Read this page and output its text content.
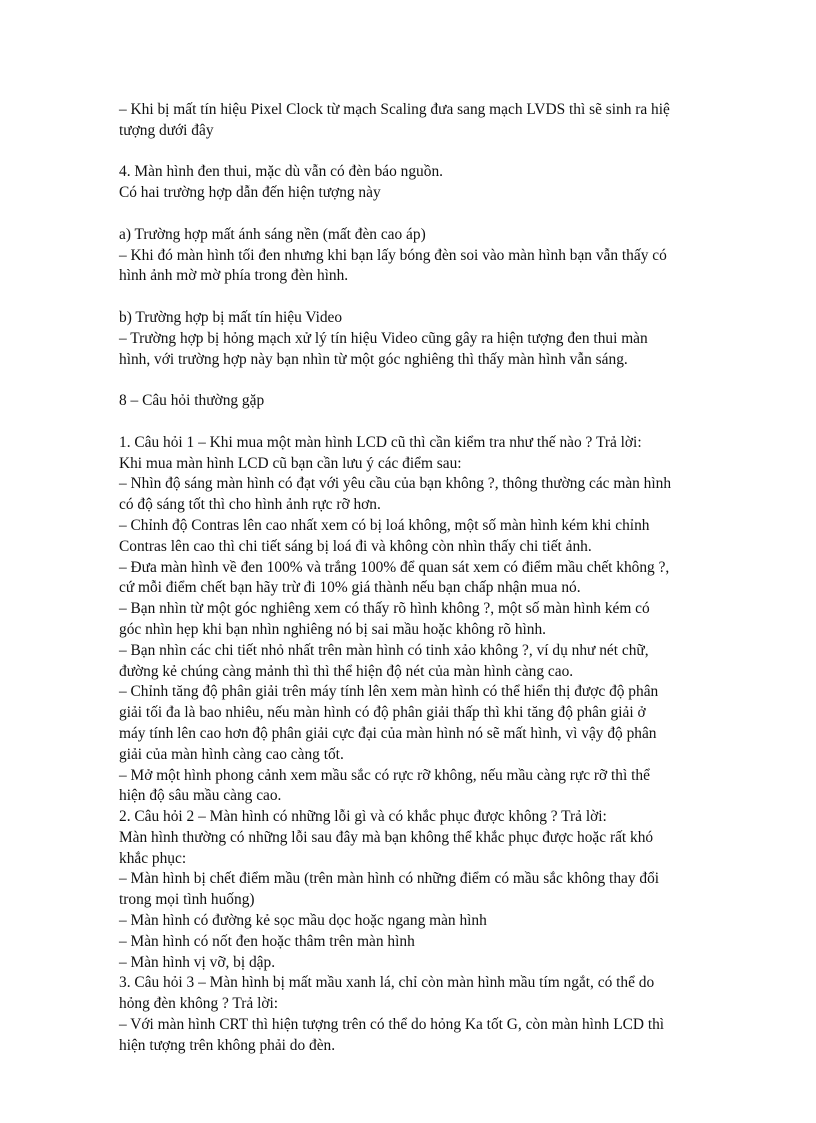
– Khi bị mất tín hiệu Pixel Clock từ mạch Scaling đưa sang mạch LVDS thì sẽ sinh ra hiệ
tượng dưới đây
4. Màn hình đen thui, mặc dù vẫn có đèn báo nguồn.
Có hai trường hợp dẫn đến hiện tượng này
a) Trường hợp mất ánh sáng nền (mất đèn cao áp)
– Khi đó màn hình tối đen nhưng khi bạn lấy bóng đèn soi vào màn hình bạn vẫn thấy có
hình ảnh mờ mờ phía trong đèn hình.
b) Trường hợp bị mất tín hiệu Video
– Trường hợp bị hỏng mạch xử lý tín hiệu Video cũng gây ra hiện tượng đen thui màn
hình, với trường hợp này bạn nhìn từ một góc nghiêng thì thấy màn hình vẫn sáng.
8 – Câu hỏi thường gặp
1. Câu hỏi 1 – Khi mua một màn hình LCD cũ thì cần kiểm tra như thế nào ? Trả lời:
Khi mua màn hình LCD cũ bạn cần lưu ý các điểm sau:
– Nhìn độ sáng màn hình có đạt với yêu cầu của bạn không ?, thông thường các màn hình
có độ sáng tốt thì cho hình ảnh rực rỡ hơn.
– Chỉnh độ Contras lên cao nhất xem có bị loá không, một số màn hình kém khi chỉnh
Contras lên cao thì chi tiết sáng bị loá đi và không còn nhìn thấy chi tiết ảnh.
– Đưa màn hình về đen 100% và trắng 100% để quan sát xem có điểm mầu chết không ?,
cứ mỗi điểm chết bạn hãy trừ đi 10% giá thành nếu bạn chấp nhận mua nó.
– Bạn nhìn từ một góc nghiêng xem có thấy rõ hình không ?, một số màn hình kém có
góc nhìn hẹp khi bạn nhìn nghiêng nó bị sai mầu hoặc không rõ hình.
– Bạn nhìn các chi tiết nhỏ nhất trên màn hình có tinh xảo không ?, ví dụ như nét chữ,
đường kẻ chúng càng mảnh thì thì thể hiện độ nét của màn hình càng cao.
– Chỉnh tăng độ phân giải trên máy tính lên xem màn hình có thể hiển thị được độ phân
giải tối đa là bao nhiêu, nếu màn hình có độ phân giải thấp thì khi tăng độ phân giải ở
máy tính lên cao hơn độ phân giải cực đại của màn hình nó sẽ mất hình, vì vậy độ phân
giải của màn hình càng cao càng tốt.
– Mở một hình phong cảnh xem mầu sắc có rực rỡ không, nếu mầu càng rực rỡ thì thể
hiện độ sâu mầu càng cao.
2. Câu hỏi 2 – Màn hình có những lỗi gì và có khắc phục được không ? Trả lời:
Màn hình thường có những lỗi sau đây mà bạn không thể khắc phục được hoặc rất khó
khắc phục:
– Màn hình bị chết điểm mầu (trên màn hình có những điểm có mầu sắc không thay đổi
trong mọi tình huống)
– Màn hình có đường kẻ sọc mầu dọc hoặc ngang màn hình
– Màn hình có nốt đen hoặc thâm trên màn hình
– Màn hình vị vỡ, bị dập.
3. Câu hỏi 3 – Màn hình bị mất mầu xanh lá, chỉ còn màn hình mầu tím ngắt, có thể do
hỏng đèn không ? Trả lời:
– Với màn hình CRT thì hiện tượng trên có thể do hỏng Ka tốt G, còn màn hình LCD thì
hiện tượng trên không phải do đèn.
